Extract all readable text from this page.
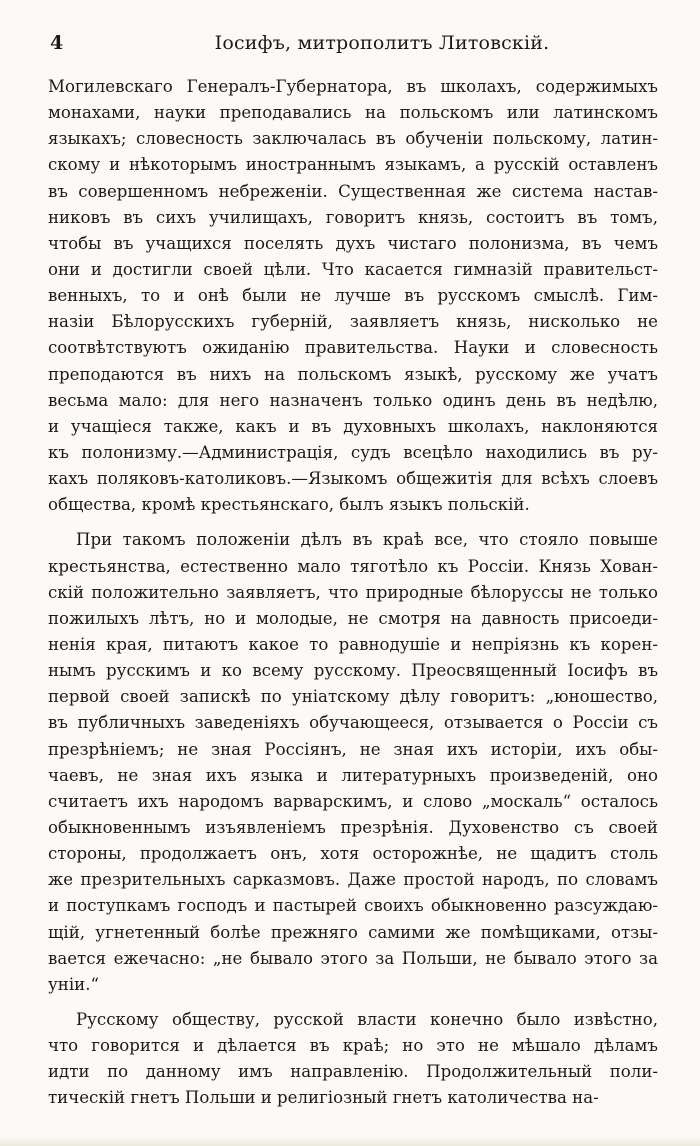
4	Іосифъ, митрополитъ Литовскій.
Могилевскаго Генералъ-Губернатора, въ школахъ, содержимыхъ
монахами, науки преподавались на польскомъ или латинскомъ
языкахъ; словесность заключалась въ обученіи польскому, латин-
скому и нѣкоторымъ иностраннымъ языкамъ, а русскій оставленъ
въ совершенномъ небреженіи. Существенная же система настав-
никовъ въ сихъ училищахъ, говоритъ князь, состоитъ въ томъ,
чтобы въ учащихся поселять духъ чистаго полонизма, въ чемъ
они и достигли своей цѣли. Что касается гимназій правительст-
венныхъ, то и онѣ были не лучше въ русскомъ смыслѣ. Гим-
назіи Бѣлорусскихъ губерній, заявляетъ князь, нисколько не
соотвѣтствуютъ ожиданію правительства. Науки и словесность
преподаются въ нихъ на польскомъ языкѣ, русскому же учатъ
весьма мало: для него назначенъ только одинъ день въ недѣлю,
и учащіеся также, какъ и въ духовныхъ школахъ, наклоняются
къ полонизму.—Администрація, судъ всецѣло находились въ ру-
кахъ поляковъ-католиковъ.—Языкомъ общежитія для всѣхъ слоевъ
общества, кромѣ крестьянскаго, былъ языкъ польскій.
При такомъ положеніи дѣлъ въ краѣ все, что стояло повыше
крестьянства, естественно мало тяготѣло къ Россіи. Князь Хован-
скій положительно заявляетъ, что природные бѣлоруссы не только
пожилыхъ лѣтъ, но и молодые, не смотря на давность присоеди-
ненія края, питаютъ какое то равнодушіе и непріязнь къ корен-
нымъ русскимъ и ко всему русскому. Преосвященный Іосифъ въ
первой своей запискѣ по уніатскому дѣлу говоритъ: „юношество,
въ публичныхъ заведеніяхъ обучающееся, отзывается о Россіи съ
презрѣніемъ; не зная Россіянъ, не зная ихъ исторіи, ихъ обы-
чаевъ, не зная ихъ языка и литературныхъ произведеній, оно
считаетъ ихъ народомъ варварскимъ, и слово „москаль“ осталось
обыкновеннымъ изъявленіемъ презрѣнія. Духовенство съ своей
стороны, продолжаетъ онъ, хотя осторожнѣе, не щадитъ столь
же презрительныхъ сарказмовъ. Даже простой народъ, по словамъ
и поступкамъ господъ и пастырей своихъ обыкновенно разсуждаю-
щій, угнетенный болѣе прежняго самими же помѣщиками, отзы-
вается ежечасно: „не бывало этого за Польши, не бывало этого за
уніи.“
Русскому обществу, русской власти конечно было извѣстно,
что говорится и дѣлается въ краѣ; но это не мѣшало дѣламъ
идти по данному имъ направленію. Продолжительный поли-
тическій гнетъ Польши и религіозный гнетъ католичества на-
